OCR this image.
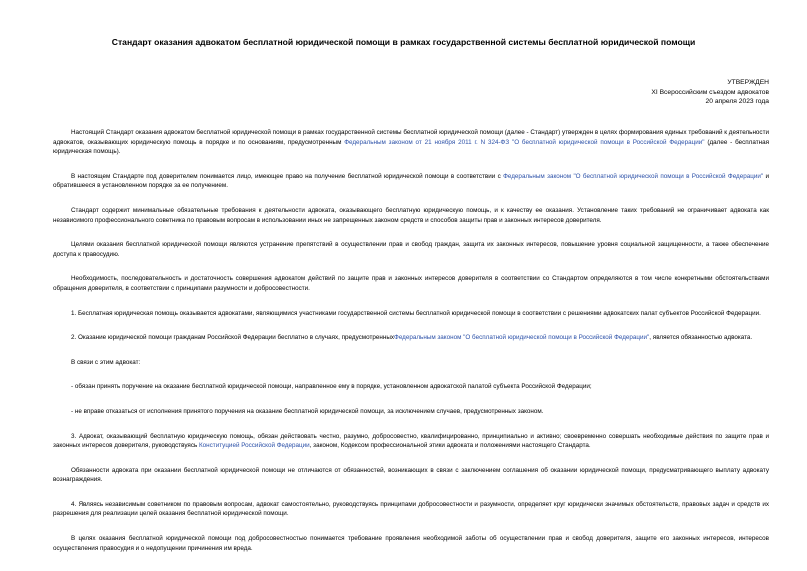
Стандарт оказания адвокатом бесплатной юридической помощи в рамках государственной системы бесплатной юридической помощи
УТВЕРЖДЕН
XI Всероссийским съездом адвокатов
20 апреля 2023 года

Настоящий Стандарт оказания адвокатом бесплатной юридической помощи в рамках государственной системы бесплатной юридической помощи (далее - Стандарт) утвержден в целях формирования единых требований к деятельности адвокатов, оказывающих юридическую помощь в порядке и по основаниям, предусмотренным Федеральным законом от 21 ноября 2011 г. N 324-ФЗ "О бесплатной юридической помощи в Российской Федерации" (далее - бесплатная юридическая помощь).

В настоящем Стандарте под доверителем понимается лицо, имеющее право на получение бесплатной юридической помощи в соответствии с Федеральным законом "О бесплатной юридической помощи в Российской Федерации" и обратившееся в установленном порядке за ее получением.

Стандарт содержит минимальные обязательные требования к деятельности адвоката, оказывающего бесплатную юридическую помощь, и к качеству ее оказания. Установление таких требований не ограничивает адвоката как независимого профессионального советника по правовым вопросам в использовании иных не запрещенных законом средств и способов защиты прав и законных интересов доверителя.

Целями оказания бесплатной юридической помощи являются устранение препятствий в осуществлении прав и свобод граждан, защита их законных интересов, повышение уровня социальной защищенности, а также обеспечение доступа к правосудию.

Необходимость, последовательность и достаточность совершения адвокатом действий по защите прав и законных интересов доверителя в соответствии со Стандартом определяются в том числе конкретными обстоятельствами обращения доверителя, в соответствии с принципами разумности и добросовестности.

1. Бесплатная юридическая помощь оказывается адвокатами, являющимися участниками государственной системы бесплатной юридической помощи в соответствии с решениями адвокатских палат субъектов Российской Федерации.

2. Оказание юридической помощи гражданам Российской Федерации бесплатно в случаях, предусмотренныхФедеральным законом "О бесплатной юридической помощи в Российской Федерации", является обязанностью адвоката.

В связи с этим адвокат:

- обязан принять поручение на оказание бесплатной юридической помощи, направленное ему в порядке, установленном адвокатской палатой субъекта Российской Федерации;

- не вправе отказаться от исполнения принятого поручения на оказание бесплатной юридической помощи, за исключением случаев, предусмотренных законом.

3. Адвокат, оказывающий бесплатную юридическую помощь, обязан действовать честно, разумно, добросовестно, квалифицированно, принципиально и активно; своевременно совершать необходимые действия по защите прав и законных интересов доверителя, руководствуясь Конституцией Российской Федерации, законом, Кодексом профессиональной этики адвоката и положениями настоящего Стандарта.

Обязанности адвоката при оказании бесплатной юридической помощи не отличаются от обязанностей, возникающих в связи с заключением соглашения об оказании юридической помощи, предусматривающего выплату адвокату вознаграждения.

4. Являясь независимым советником по правовым вопросам, адвокат самостоятельно, руководствуясь принципами добросовестности и разумности, определяет круг юридически значимых обстоятельств, правовых задач и средств их разрешения для реализации целей оказания бесплатной юридической помощи.

В целях оказания бесплатной юридической помощи под добросовестностью понимается требование проявления необходимой заботы об осуществлении прав и свобод доверителя, защите его законных интересов, интересов осуществления правосудия и о недопущении причинения им вреда.
